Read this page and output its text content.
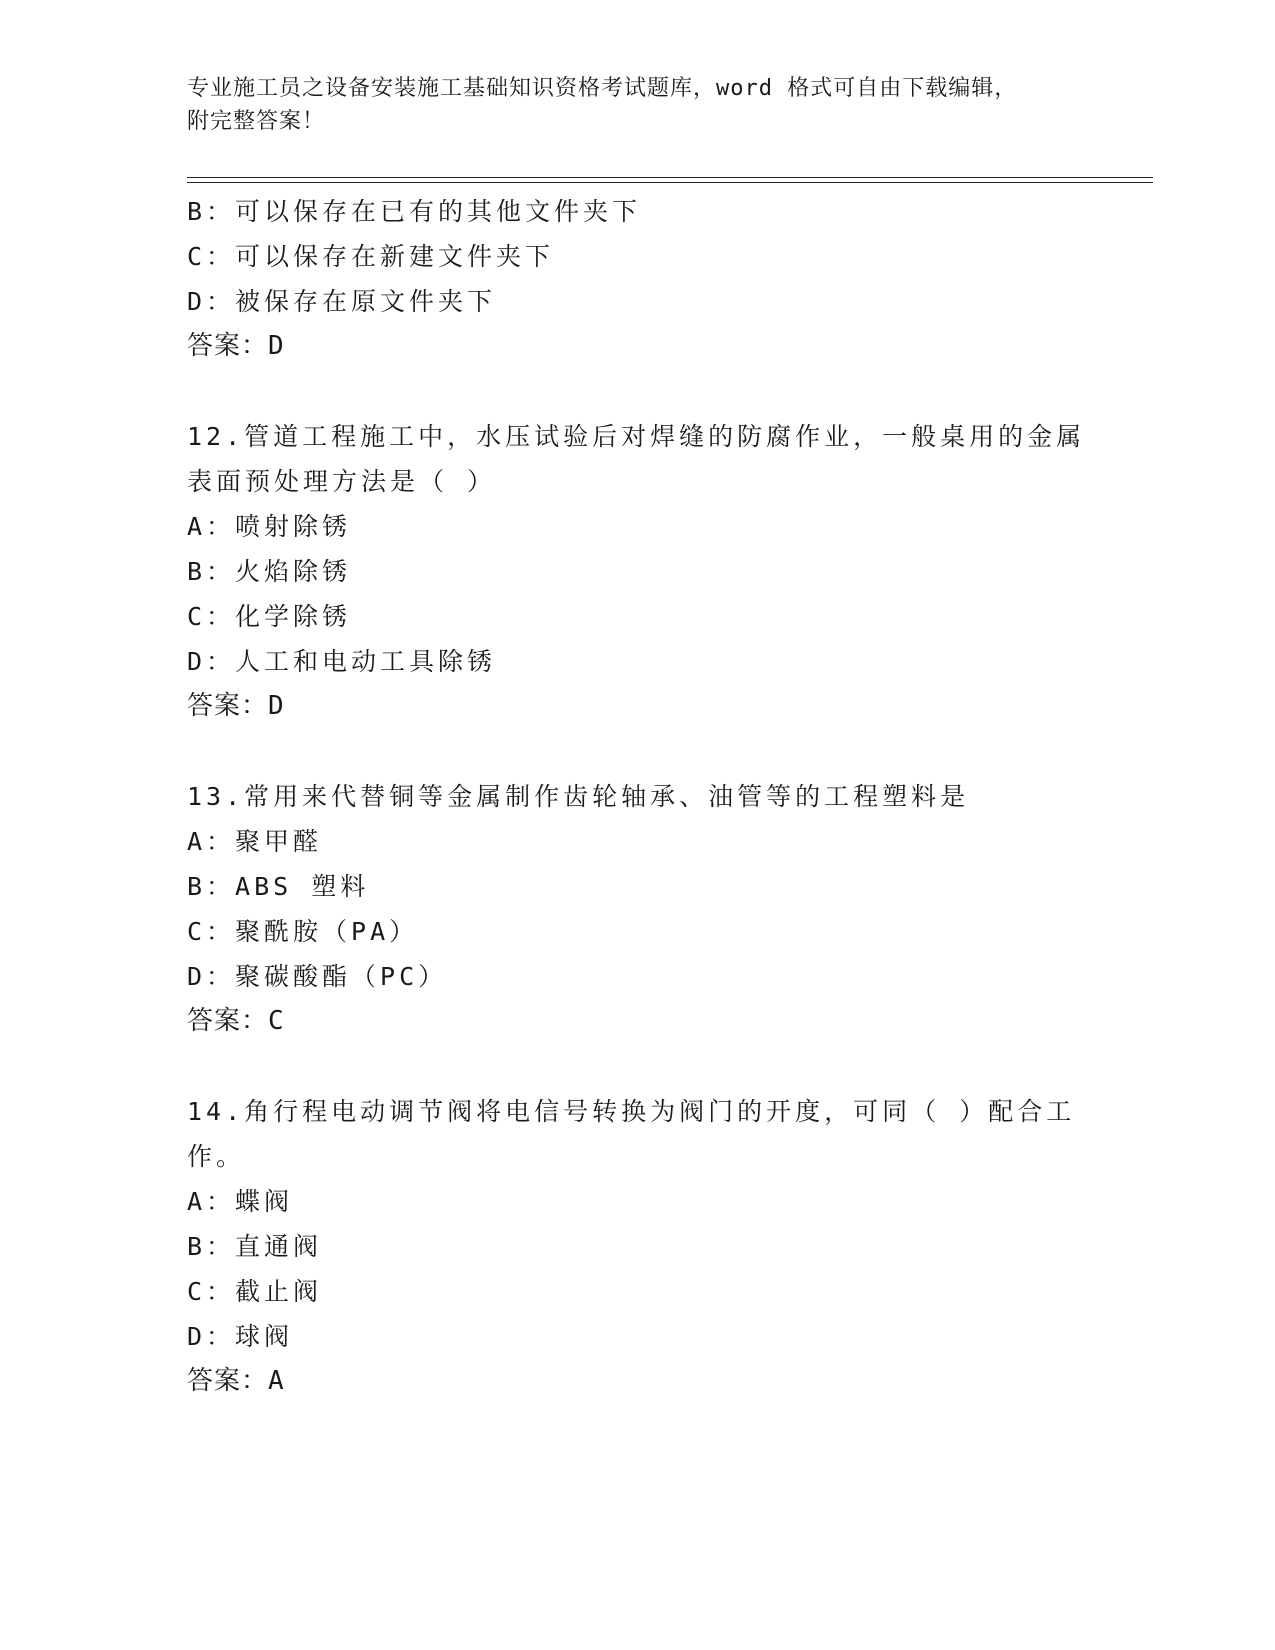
专业施工员之设备安装施工基础知识资格考试题库，word 格式可自由下载编辑，
附完整答案！
B：可以保存在已有的其他文件夹下
C：可以保存在新建文件夹下
D：被保存在原文件夹下
答案：D
12.管道工程施工中，水压试验后对焊缝的防腐作业，一般桌用的金属
表面预处理方法是（ ）
A：喷射除锈
B：火焰除锈
C：化学除锈
D：人工和电动工具除锈
答案：D
13.常用来代替铜等金属制作齿轮轴承、油管等的工程塑料是
A：聚甲醛
B：ABS 塑料
C：聚酰胺（PA）
D：聚碳酸酯（PC）
答案：C
14.角行程电动调节阀将电信号转换为阀门的开度，可同（ ）配合工
作。
A：蝶阀
B：直通阀
C：截止阀
D：球阀
答案：A
